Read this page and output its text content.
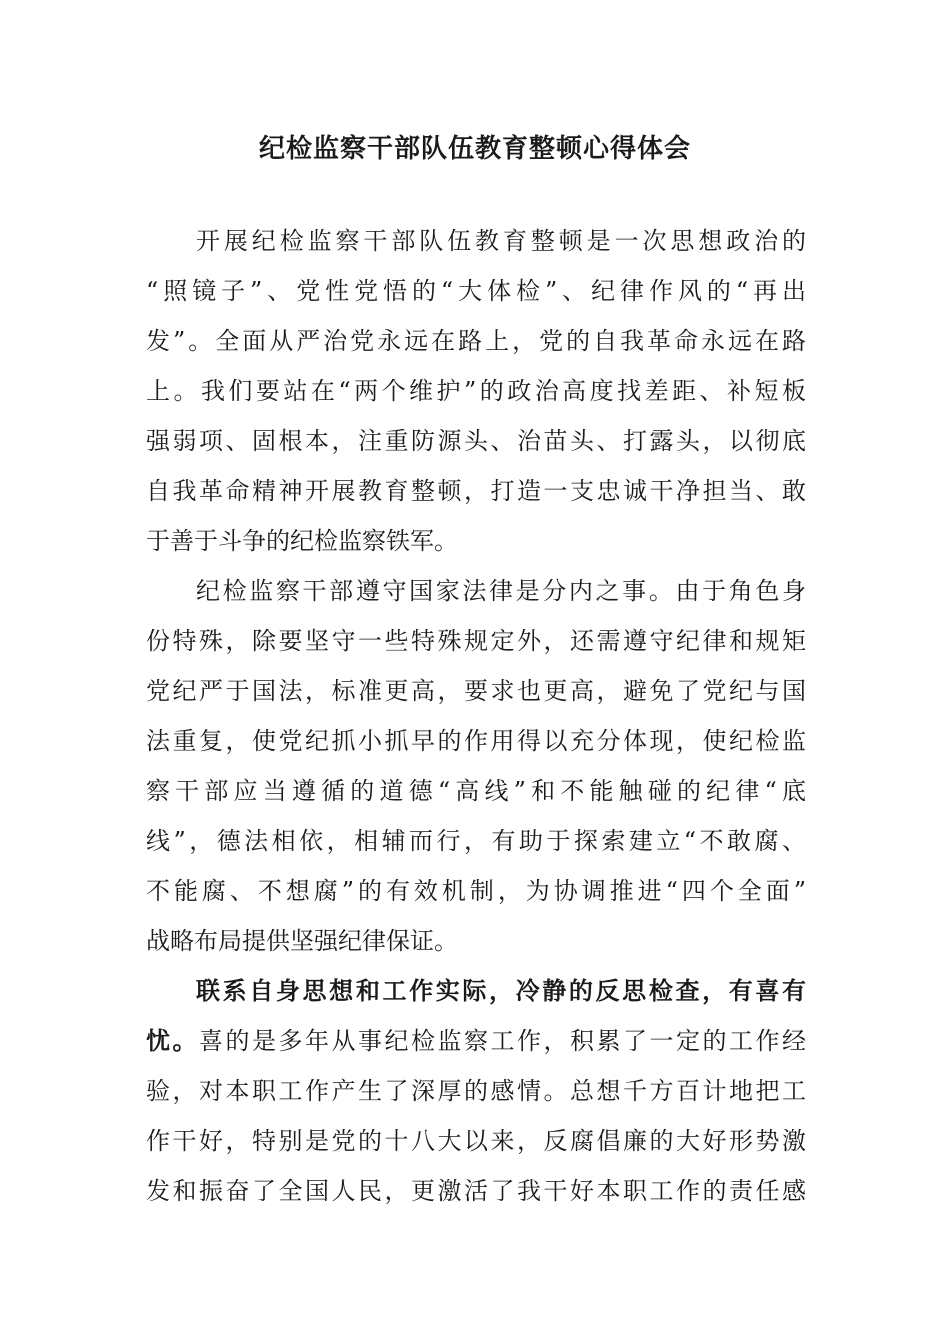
纪检监察干部队伍教育整顿心得体会
开展纪检监察干部队伍教育整顿是一次思想政治的
“照镜子”、党性党悟的“大体检”、纪律作风的“再出
发”。全面从严治党永远在路上，党的自我革命永远在路
上。我们要站在“两个维护”的政治高度找差距、补短板
强弱项、固根本，注重防源头、治苗头、打露头，以彻底
自我革命精神开展教育整顿，打造一支忠诚干净担当、敢
于善于斗争的纪检监察铁军。
纪检监察干部遵守国家法律是分内之事。由于角色身
份特殊，除要坚守一些特殊规定外，还需遵守纪律和规矩
党纪严于国法，标准更高，要求也更高，避免了党纪与国
法重复，使党纪抓小抓早的作用得以充分体现，使纪检监
察干部应当遵循的道德“高线”和不能触碰的纪律“底
线”，德法相依，相辅而行，有助于探索建立“不敢腐、
不能腐、不想腐”的有效机制，为协调推进“四个全面”
战略布局提供坚强纪律保证。
联系自身思想和工作实际，冷静的反思检查，有喜有
忧。喜的是多年从事纪检监察工作，积累了一定的工作经
验，对本职工作产生了深厚的感情。总想千方百计地把工
作干好，特别是党的十八大以来，反腐倡廉的大好形势激
发和振奋了全国人民，更激活了我干好本职工作的责任感
